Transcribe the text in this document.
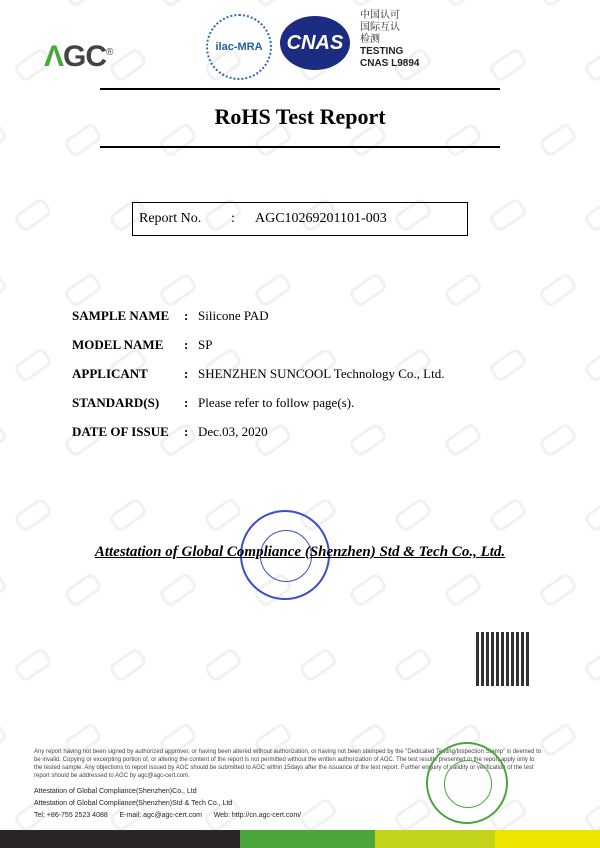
ΛGC®	ilac-MRA	CNAS
中国认可
国际互认
检测
TESTING
CNAS L9894
RoHS Test Report
Report No.	:	AGC10269201101-003
SAMPLE NAME	: Silicone PAD
MODEL NAME	: SP
APPLICANT	: SHENZHEN SUNCOOL Technology Co., Ltd.
STANDARD(S)	: Please refer to follow page(s).
DATE OF ISSUE	: Dec.03, 2020
Attestation of Global Compliance (Shenzhen) Std & Tech Co., Ltd.
Any report having not been signed by authorized approver, or having been altered without authorization, or having not been stamped by the "Dedicated Testing/Inspection Stamp" is deemed to be invalid. Copying or excerpting portion of, or altering the content of the report is not permitted without the written authorization of AGC. The test results presented in the report apply only to the tested sample. Any objections to report issued by AGC should be submitted to AGC within 15days after the issuance of the test report. Further enquiry of validity or verification of the test report should be addressed to AGC by agc@agc-cert.com.
Attestation of Global Compliance(Shenzhen)Co., Ltd
Attestation of Global Compliance(Shenzhen)Std & Tech Co., Ltd
Tel: +86-755 2523 4088 E-mail: agc@agc-cert.com Web: http://cn.agc-cert.com/
